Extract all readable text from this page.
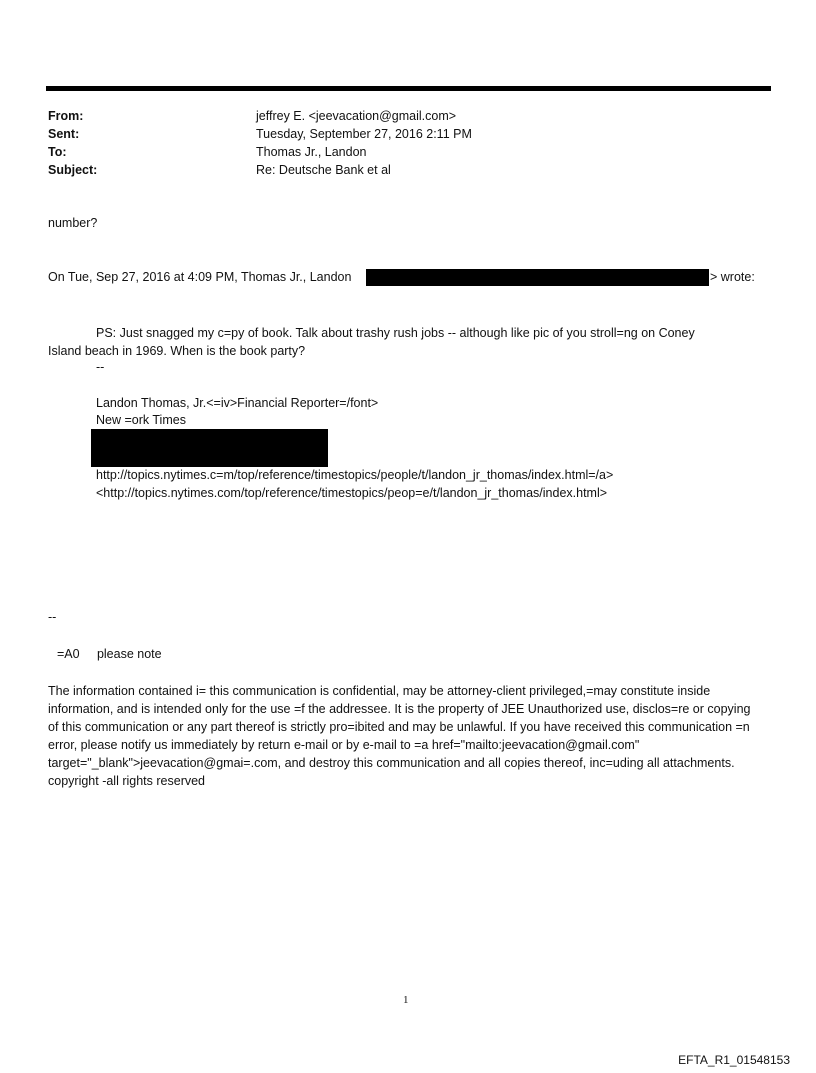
From:	jeffrey E. <jeevacation@gmail.com>
Sent:	Tuesday, September 27, 2016 2:11 PM
To:	Thomas Jr., Landon
Subject:	Re: Deutsche Bank et al
number?
On Tue, Sep 27, 2016 at 4:09 PM, Thomas Jr., Landon	> wrote:
PS: Just snagged my c=py of book. Talk about trashy rush jobs -- although like pic of you stroll=ng on Coney
Island beach in 1969. When is the book party?
--
Landon Thomas, Jr.<=iv>Financial Reporter=/font>
New =ork Times
http://topics.nytimes.c=m/top/reference/timestopics/people/t/landon_jr_thomas/index.html=/a>
<http://topics.nytimes.com/top/reference/timestopics/peop=e/t/landon_jr_thomas/index.html>
--
=A0     please note
The information contained i= this communication is confidential, may be attorney-client privileged,=may constitute inside information, and is intended only for the use =f the addressee. It is the property of JEE Unauthorized use, disclos=re or copying of this communication or any part thereof is strictly pro=ibited and may be unlawful. If you have received this communication =n error, please notify us immediately by return e-mail or by e-mail to =a href="mailto:jeevacation@gmail.com" target="_blank">jeevacation@gmai=.com, and destroy this communication and all copies thereof, inc=uding all attachments. copyright -all rights reserved
1
EFTA_R1_01548153
